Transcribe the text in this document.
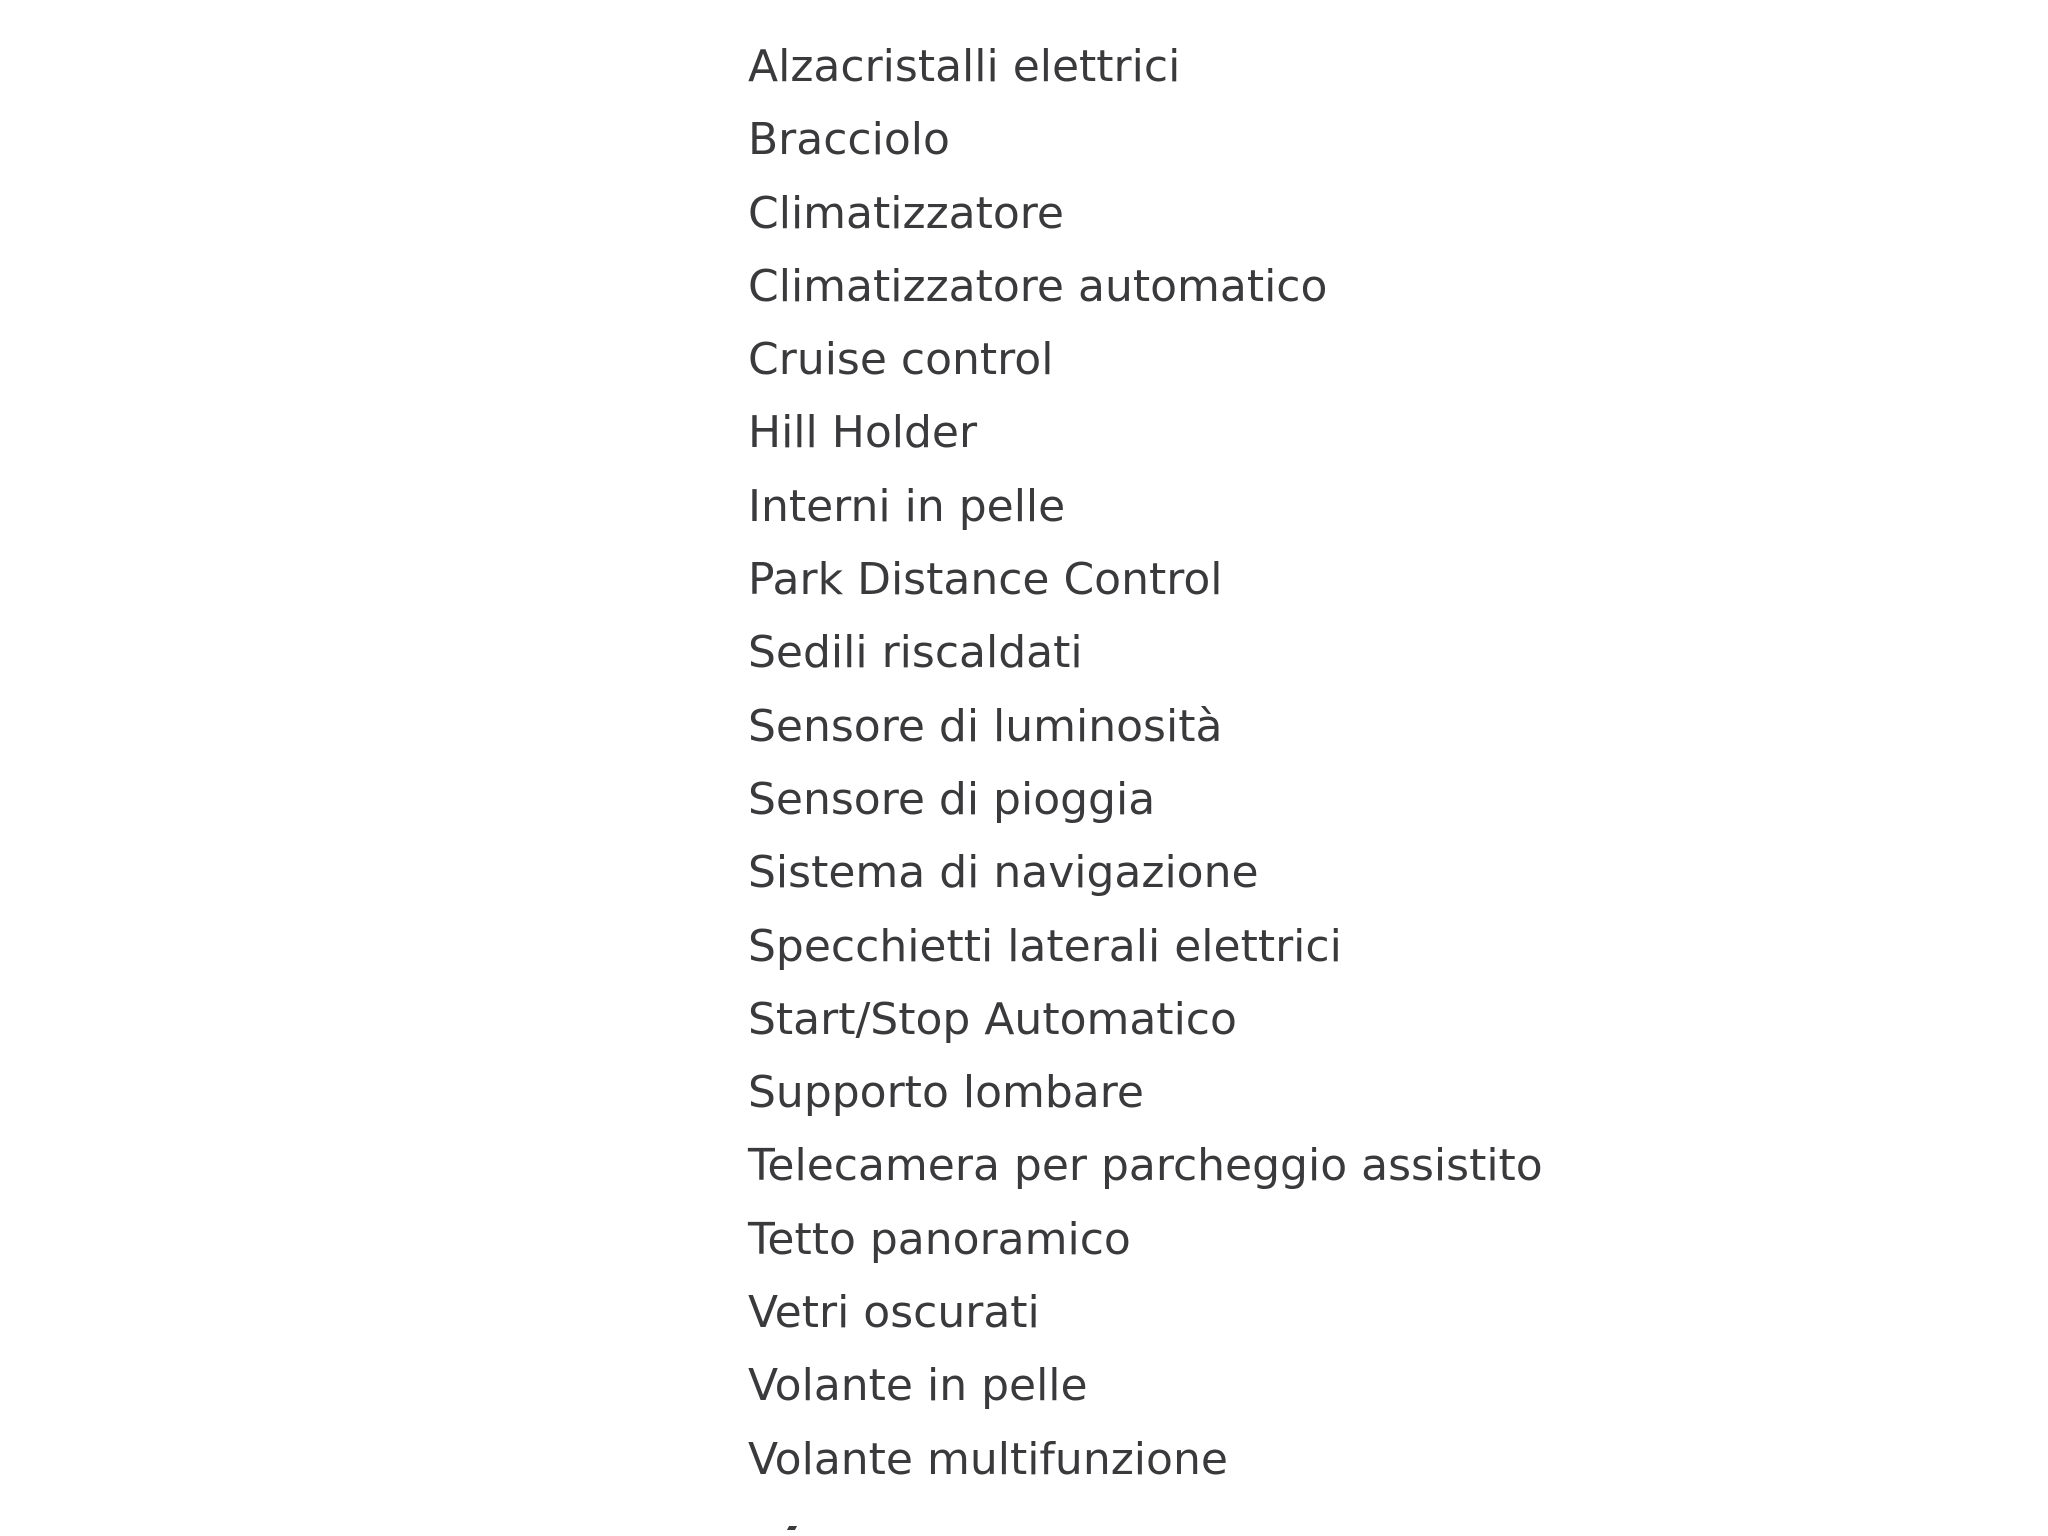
Alzacristalli elettrici
Bracciolo
Climatizzatore
Climatizzatore automatico
Cruise control
Hill Holder
Interni in pelle
Park Distance Control
Sedili riscaldati
Sensore di luminosità
Sensore di pioggia
Sistema di navigazione
Specchietti laterali elettrici
Start/Stop Automatico
Supporto lombare
Telecamera per parcheggio assistito
Tetto panoramico
Vetri oscurati
Volante in pelle
Volante multifunzione
